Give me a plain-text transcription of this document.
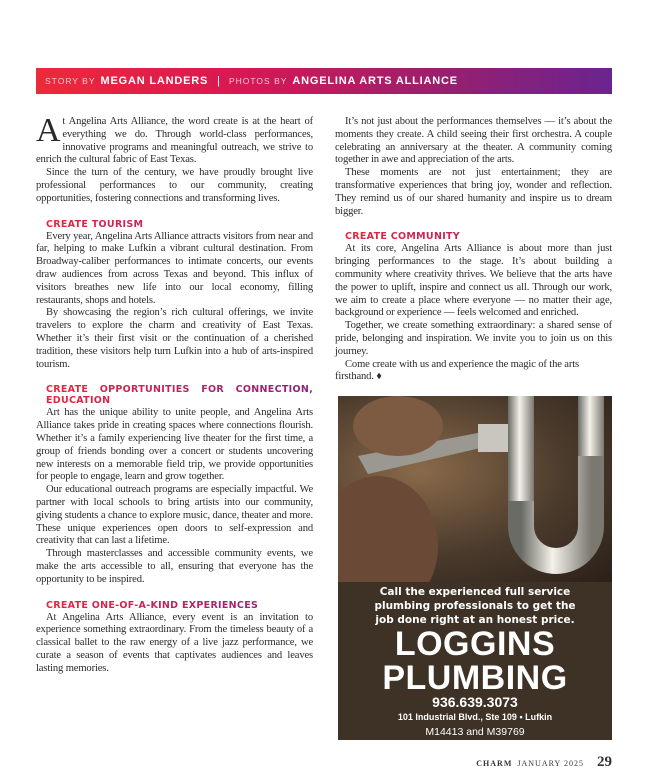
STORY BY MEGAN LANDERS | PHOTOS BY ANGELINA ARTS ALLIANCE

At Angelina Arts Alliance, the word create is at the heart of everything we do. Through world-class performances, innovative programs and meaningful outreach, we strive to enrich the cultural fabric of East Texas.

Since the turn of the century, we have proudly brought live professional performances to our community, creating opportunities, fostering connections and transforming lives.

CREATE TOURISM

Every year, Angelina Arts Alliance attracts visitors from near and far, helping to make Lufkin a vibrant cultural destination. From Broadway-caliber performances to intimate concerts, our events draw audiences from across Texas and beyond. This influx of visitors breathes new life into our local economy, filling restaurants, shops and hotels.

By showcasing the region’s rich cultural offerings, we invite travelers to explore the charm and creativity of East Texas. Whether it’s their first visit or the continuation of a cherished tradition, these visitors help turn Lufkin into a hub of arts-inspired tourism.

CREATE OPPORTUNITIES FOR CONNECTION, EDUCATION

Art has the unique ability to unite people, and Angelina Arts Alliance takes pride in creating spaces where connections flourish. Whether it’s a family experiencing live theater for the first time, a group of friends bonding over a concert or students uncovering new interests on a memorable field trip, we provide opportunities for people to engage, learn and grow together.

Our educational outreach programs are especially impactful. We partner with local schools to bring artists into our community, giving students a chance to explore music, dance, theater and more. These unique experiences open doors to self-expression and creativity that can last a lifetime.

Through masterclasses and accessible community events, we make the arts accessible to all, ensuring that everyone has the opportunity to be inspired.

CREATE ONE-OF-A-KIND EXPERIENCES

At Angelina Arts Alliance, every event is an invitation to experience something extraordinary. From the timeless beauty of a classical ballet to the raw energy of a live jazz performance, we curate a season of events that captivates audiences and leaves lasting memories.

It’s not just about the performances themselves — it’s about the moments they create. A child seeing their first orchestra. A couple celebrating an anniversary at the theater. A community coming together in awe and appreciation of the arts.

These moments are not just entertainment; they are transformative experiences that bring joy, wonder and reflection. They remind us of our shared humanity and inspire us to dream bigger.

CREATE COMMUNITY

At its core, Angelina Arts Alliance is about more than just bringing performances to the stage. It’s about building a community where creativity thrives. We believe that the arts have the power to uplift, inspire and connect us all. Through our work, we aim to create a place where everyone — no matter their age, background or experience — feels welcomed and enriched.

Together, we create something extraordinary: a shared sense of pride, belonging and inspiration. We invite you to join us on this journey.

Come create with us and experience the magic of the arts firsthand. ♦

Call the experienced full service plumbing professionals to get the job done right at an honest price.
LOGGINS
PLUMBING
936.639.3073
101 Industrial Blvd., Ste 109 • Lufkin
M14413 and M39769
CHARM JANUARY 2025 29
